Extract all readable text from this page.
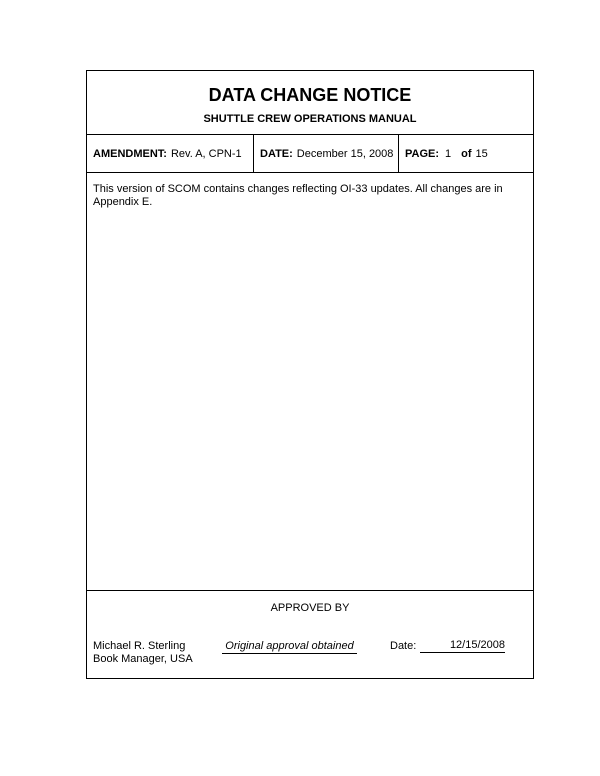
DATA CHANGE NOTICE
SHUTTLE CREW OPERATIONS MANUAL
AMENDMENT: Rev. A, CPN-1 DATE: December 15, 2008 PAGE: 1 of 15
This version of SCOM contains changes reflecting OI-33 updates. All changes are in Appendix E.
APPROVED BY
Michael R. Sterling
Book Manager, USA
Original approval obtained	Date:	12/15/2008
